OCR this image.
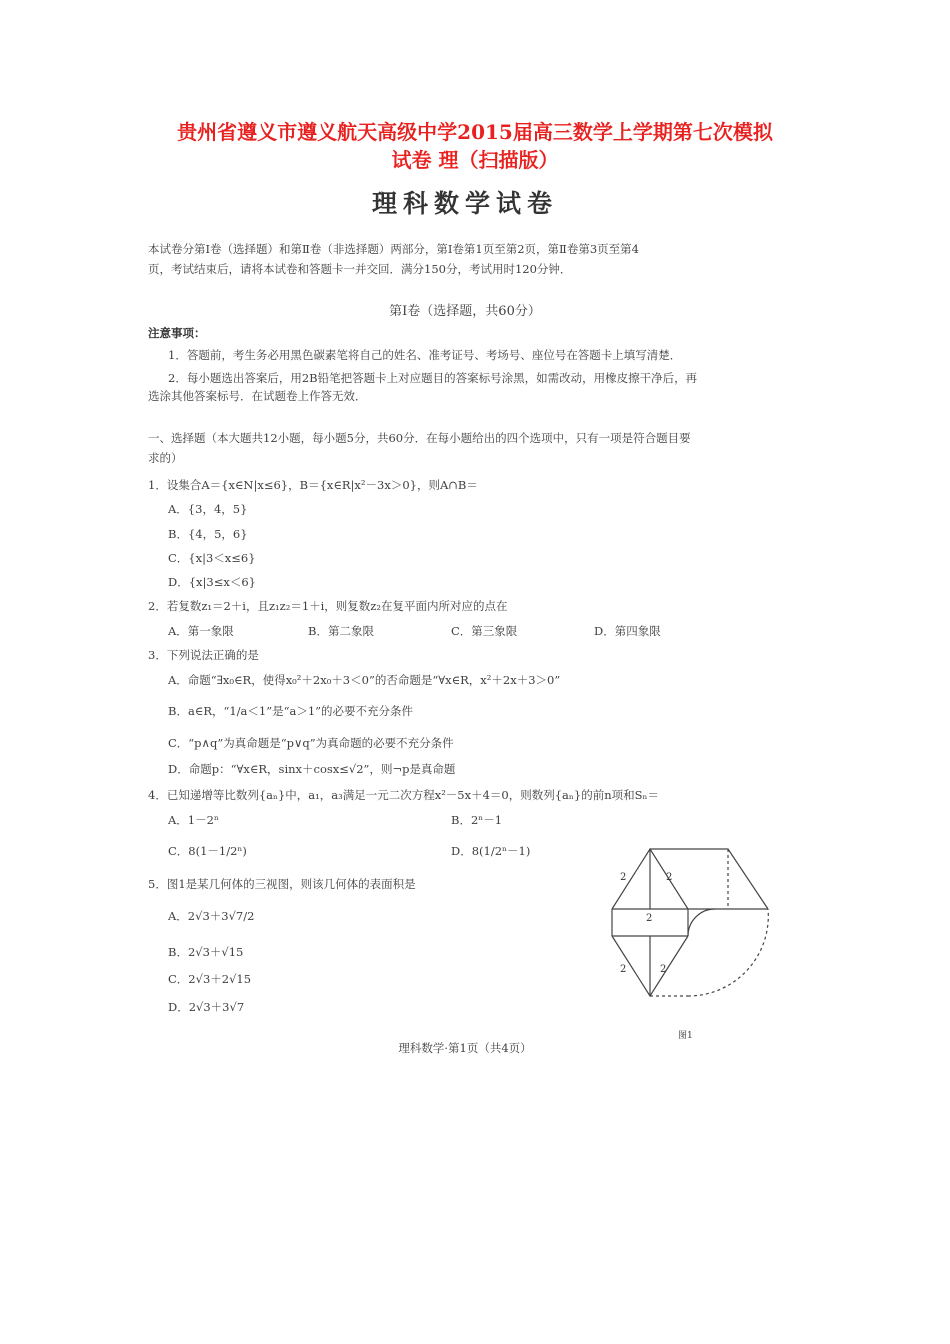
贵州省遵义市遵义航天高级中学2015届高三数学上学期第七次模拟
试卷 理（扫描版）
理科数学试卷
本试卷分第Ⅰ卷（选择题）和第Ⅱ卷（非选择题）两部分，第Ⅰ卷第1页至第2页，第Ⅱ卷第3页至第4
页，考试结束后，请将本试卷和答题卡一并交回．满分150分，考试用时120分钟．
第Ⅰ卷（选择题，共60分）
注意事项：
1．答题前，考生务必用黑色碳素笔将自己的姓名、准考证号、考场号、座位号在答题卡上填写清楚．
2．每小题选出答案后，用2B铅笔把答题卡上对应题目的答案标号涂黑，如需改动，用橡皮擦干净后，再
选涂其他答案标号．在试题卷上作答无效．
一、选择题（本大题共12小题，每小题5分，共60分．在每小题给出的四个选项中，只有一项是符合题目要
求的）
1．设集合A＝{x∈N|x≤6}，B＝{x∈R|x²－3x＞0}，则A∩B＝
A．{3，4，5}
B．{4，5，6}
C．{x|3＜x≤6}
D．{x|3≤x＜6}
2．若复数z₁＝2＋i，且z₁z₂＝1＋i，则复数z₂在复平面内所对应的点在
A．第一象限	B．第二象限	C．第三象限	D．第四象限
3．下列说法正确的是
A．命题“∃x₀∈R，使得x₀²＋2x₀＋3＜0”的否命题是“∀x∈R，x²＋2x＋3＞0”
B．a∈R，“1/a＜1”是“a＞1”的必要不充分条件
C．“p∧q”为真命题是“p∨q”为真命题的必要不充分条件
D．命题p：“∀x∈R，sinx＋cosx≤√2”，则¬p是真命题
4．已知递增等比数列{aₙ}中，a₁，a₃满足一元二次方程x²－5x＋4＝0，则数列{aₙ}的前n项和Sₙ＝
A．1－2ⁿ	B．2ⁿ－1
C．8(1－1/2ⁿ)	D．8(1/2ⁿ－1)
5．图1是某几何体的三视图，则该几何体的表面积是
A．2√3＋3√7/2
B．2√3＋√15
C．2√3＋2√15
D．2√3＋3√7
2	2
2
2	2
图1
理科数学·第1页（共4页）
